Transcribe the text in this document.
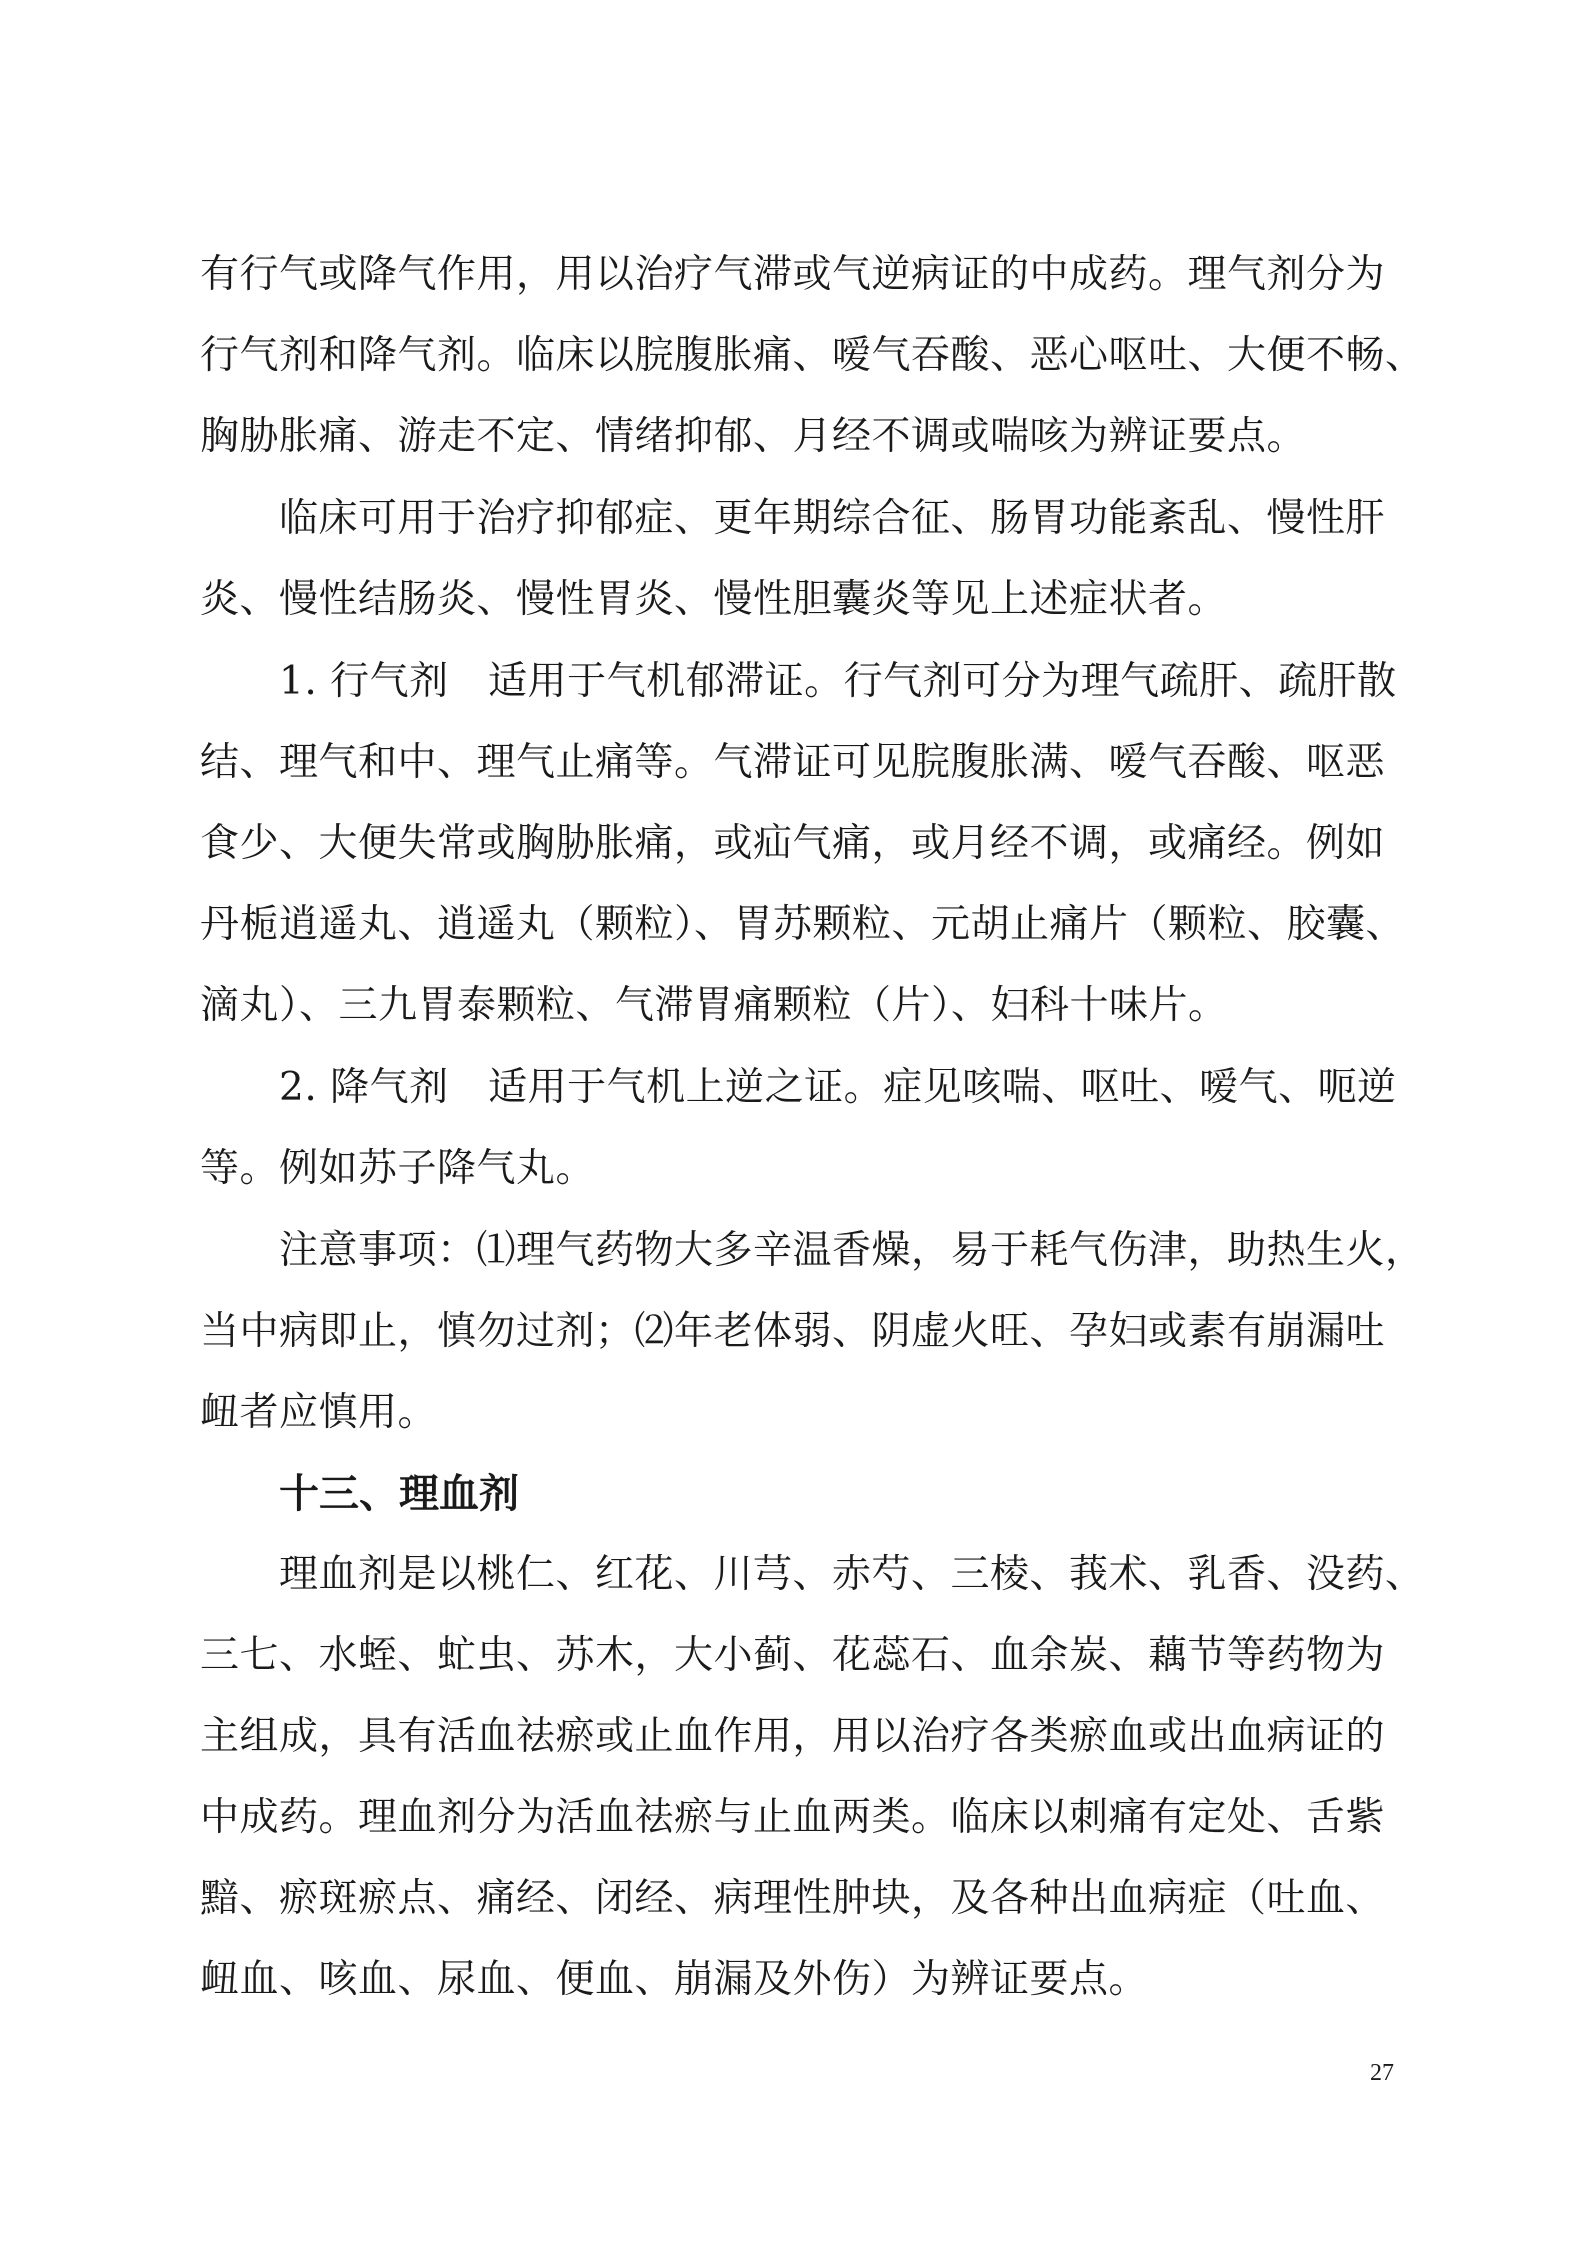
有行气或降气作用，用以治疗气滞或气逆病证的中成药。理气剂分为
行气剂和降气剂。临床以脘腹胀痛、嗳气吞酸、恶心呕吐、大便不畅、
胸胁胀痛、游走不定、情绪抑郁、月经不调或喘咳为辨证要点。
临床可用于治疗抑郁症、更年期综合征、肠胃功能紊乱、慢性肝
炎、慢性结肠炎、慢性胃炎、慢性胆囊炎等见上述症状者。
1. 行气剂　适用于气机郁滞证。行气剂可分为理气疏肝、疏肝散
结、理气和中、理气止痛等。气滞证可见脘腹胀满、嗳气吞酸、呕恶
食少、大便失常或胸胁胀痛，或疝气痛，或月经不调，或痛经。例如
丹栀逍遥丸、逍遥丸（颗粒）、胃苏颗粒、元胡止痛片（颗粒、胶囊、
滴丸）、三九胃泰颗粒、气滞胃痛颗粒（片）、妇科十味片。
2. 降气剂　适用于气机上逆之证。症见咳喘、呕吐、嗳气、呃逆
等。例如苏子降气丸。
注意事项：⑴理气药物大多辛温香燥，易于耗气伤津，助热生火，
当中病即止，慎勿过剂；⑵年老体弱、阴虚火旺、孕妇或素有崩漏吐
衄者应慎用。
十三、理血剂
理血剂是以桃仁、红花、川芎、赤芍、三棱、莪术、乳香、没药、
三七、水蛭、虻虫、苏木，大小蓟、花蕊石、血余炭、藕节等药物为
主组成，具有活血祛瘀或止血作用，用以治疗各类瘀血或出血病证的
中成药。理血剂分为活血祛瘀与止血两类。临床以刺痛有定处、舌紫
黯、瘀斑瘀点、痛经、闭经、病理性肿块，及各种出血病症（吐血、
衄血、咳血、尿血、便血、崩漏及外伤）为辨证要点。
27
